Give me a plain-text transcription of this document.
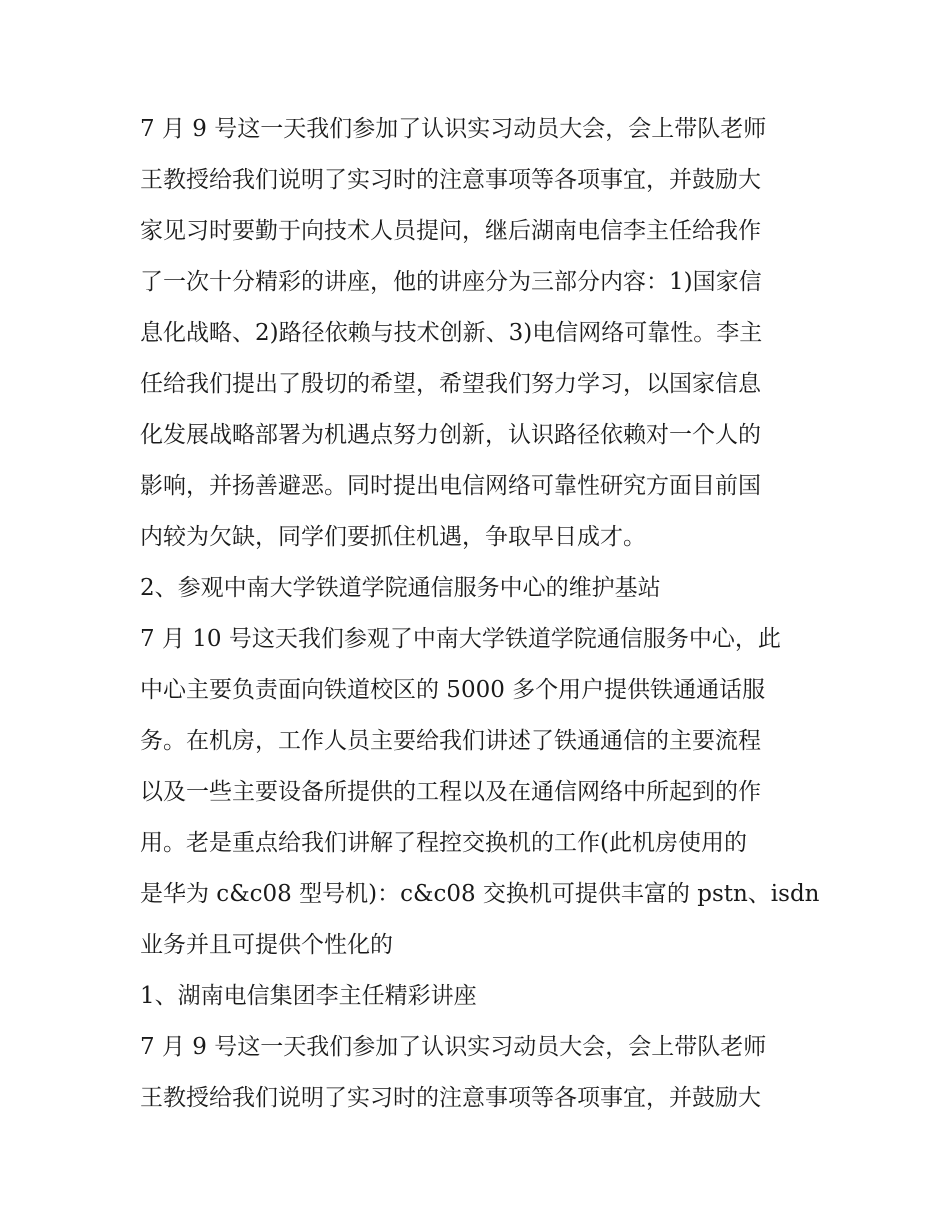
7 月 9 号这一天我们参加了认识实习动员大会，会上带队老师
王教授给我们说明了实习时的注意事项等各项事宜，并鼓励大
家见习时要勤于向技术人员提问，继后湖南电信李主任给我作
了一次十分精彩的讲座，他的讲座分为三部分内容：1)国家信
息化战略、2)路径依赖与技术创新、3)电信网络可靠性。李主
任给我们提出了殷切的希望，希望我们努力学习，以国家信息
化发展战略部署为机遇点努力创新，认识路径依赖对一个人的
影响，并扬善避恶。同时提出电信网络可靠性研究方面目前国
内较为欠缺，同学们要抓住机遇，争取早日成才。
2、参观中南大学铁道学院通信服务中心的维护基站
7 月 10 号这天我们参观了中南大学铁道学院通信服务中心，此
中心主要负责面向铁道校区的 5000 多个用户提供铁通通话服
务。在机房，工作人员主要给我们讲述了铁通通信的主要流程
以及一些主要设备所提供的工程以及在通信网络中所起到的作
用。老是重点给我们讲解了程控交换机的工作(此机房使用的
是华为 c&c08 型号机)：c&c08 交换机可提供丰富的 pstn、isdn
业务并且可提供个性化的
1、湖南电信集团李主任精彩讲座
7 月 9 号这一天我们参加了认识实习动员大会，会上带队老师
王教授给我们说明了实习时的注意事项等各项事宜，并鼓励大
